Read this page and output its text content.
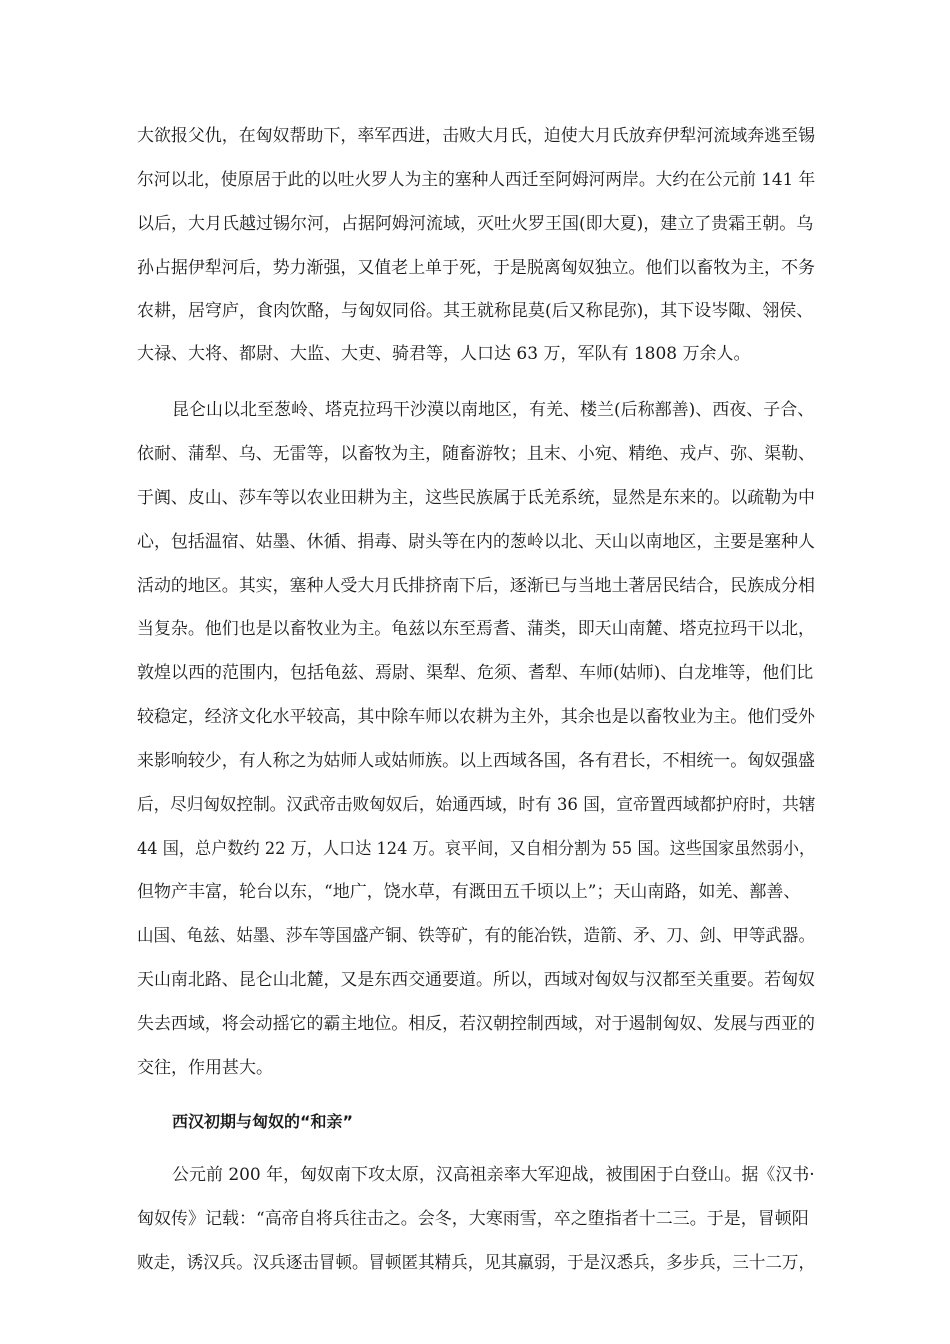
大欲报父仇，在匈奴帮助下，率军西进，击败大月氏，迫使大月氏放弃伊犁河流域奔逃至锡
尔河以北，使原居于此的以吐火罗人为主的塞种人西迁至阿姆河两岸。大约在公元前 141 年
以后，大月氏越过锡尔河，占据阿姆河流域，灭吐火罗王国(即大夏)，建立了贵霜王朝。乌
孙占据伊犁河后，势力渐强，又值老上单于死，于是脱离匈奴独立。他们以畜牧为主，不务
农耕，居穹庐，食肉饮酪，与匈奴同俗。其王就称昆莫(后又称昆弥)，其下设岑陬、翎侯、
大禄、大将、都尉、大监、大吏、骑君等，人口达 63 万，军队有 1808 万余人。
昆仑山以北至葱岭、塔克拉玛干沙漠以南地区，有羌、楼兰(后称鄯善)、西夜、子合、
依耐、蒲犁、乌、无雷等，以畜牧为主，随畜游牧；且末、小宛、精绝、戎卢、弥、渠勒、
于阗、皮山、莎车等以农业田耕为主，这些民族属于氐羌系统，显然是东来的。以疏勒为中
心，包括温宿、姑墨、休循、捐毒、尉头等在内的葱岭以北、天山以南地区，主要是塞种人
活动的地区。其实，塞种人受大月氏排挤南下后，逐渐已与当地土著居民结合，民族成分相
当复杂。他们也是以畜牧业为主。龟兹以东至焉耆、蒲类，即天山南麓、塔克拉玛干以北，
敦煌以西的范围内，包括龟兹、焉尉、渠犁、危须、耆犁、车师(姑师)、白龙堆等，他们比
较稳定，经济文化水平较高，其中除车师以农耕为主外，其余也是以畜牧业为主。他们受外
来影响较少，有人称之为姑师人或姑师族。以上西域各国，各有君长，不相统一。匈奴强盛
后，尽归匈奴控制。汉武帝击败匈奴后，始通西域，时有 36 国，宣帝置西域都护府时，共辖
44 国，总户数约 22 万，人口达 124 万。哀平间，又自相分割为 55 国。这些国家虽然弱小，
但物产丰富，轮台以东，“地广，饶水草，有溉田五千顷以上”；天山南路，如羌、鄯善、
山国、龟兹、姑墨、莎车等国盛产铜、铁等矿，有的能冶铁，造箭、矛、刀、剑、甲等武器。
天山南北路、昆仑山北麓，又是东西交通要道。所以，西域对匈奴与汉都至关重要。若匈奴
失去西域，将会动摇它的霸主地位。相反，若汉朝控制西域，对于遏制匈奴、发展与西亚的
交往，作用甚大。
西汉初期与匈奴的“和亲”
公元前 200 年，匈奴南下攻太原，汉高祖亲率大军迎战，被围困于白登山。据《汉书·
匈奴传》记载：“高帝自将兵往击之。会冬，大寒雨雪，卒之堕指者十二三。于是，冒顿阳
败走，诱汉兵。汉兵逐击冒顿。冒顿匿其精兵，见其羸弱，于是汉悉兵，多步兵，三十二万，
